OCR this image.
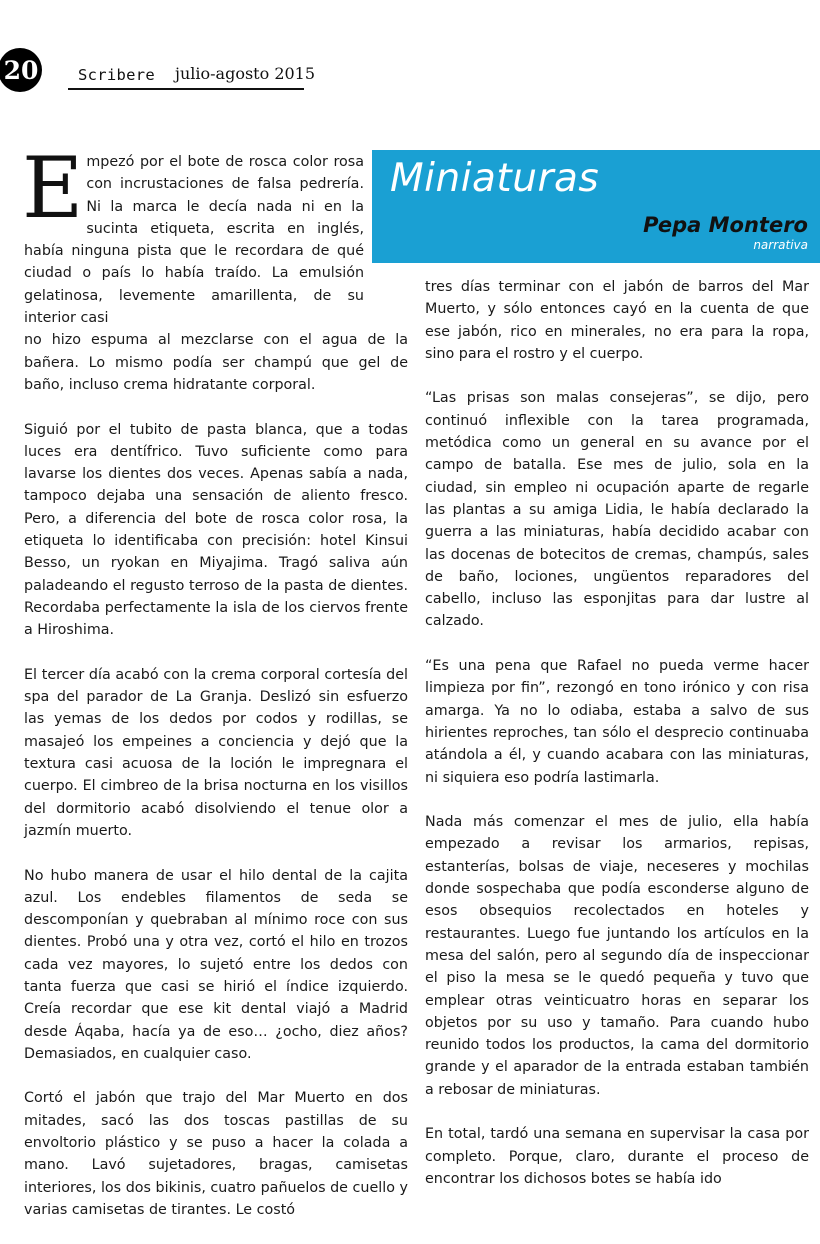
20	Scribere julio-agosto 2015
Miniaturas
Pepa Montero
narrativa
Empezó por el bote de rosca color rosa con incrustaciones de falsa pedrería. Ni la marca le decía nada ni en la sucinta etiqueta, escrita en inglés, había ninguna pista que le recordara de qué ciudad o país lo había traído. La emulsión gelatinosa, levemente amarillenta, de su interior casi
no hizo espuma al mezclarse con el agua de la bañera. Lo mismo podía ser champú que gel de baño, incluso crema hidratante corporal.

Siguió por el tubito de pasta blanca, que a todas luces era dentífrico. Tuvo suficiente como para lavarse los dientes dos veces. Apenas sabía a nada, tampoco dejaba una sensación de aliento fresco. Pero, a diferencia del bote de rosca color rosa, la etiqueta lo identificaba con precisión: hotel Kinsui Besso, un ryokan en Miyajima. Tragó saliva aún paladeando el regusto terroso de la pasta de dientes. Recordaba perfectamente la isla de los ciervos frente a Hiroshima.

El tercer día acabó con la crema corporal cortesía del spa del parador de La Granja. Deslizó sin esfuerzo las yemas de los dedos por codos y rodillas, se masajeó los empeines a conciencia y dejó que la textura casi acuosa de la loción le impregnara el cuerpo. El cimbreo de la brisa nocturna en los visillos del dormitorio acabó disolviendo el tenue olor a jazmín muerto.

No hubo manera de usar el hilo dental de la cajita azul. Los endebles filamentos de seda se descomponían y quebraban al mínimo roce con sus dientes. Probó una y otra vez, cortó el hilo en trozos cada vez mayores, lo sujetó entre los dedos con tanta fuerza que casi se hirió el índice izquierdo. Creía recordar que ese kit dental viajó a Madrid desde Áqaba, hacía ya de eso… ¿ocho, diez años? Demasiados, en cualquier caso.

Cortó el jabón que trajo del Mar Muerto en dos mitades, sacó las dos toscas pastillas de su envoltorio plástico y se puso a hacer la colada a mano. Lavó sujetadores, bragas, camisetas interiores, los dos bikinis, cuatro pañuelos de cuello y varias camisetas de tirantes. Le costó

tres días terminar con el jabón de barros del Mar Muerto, y sólo entonces cayó en la cuenta de que ese jabón, rico en minerales, no era para la ropa, sino para el rostro y el cuerpo.

“Las prisas son malas consejeras”, se dijo, pero continuó inflexible con la tarea programada, metódica como un general en su avance por el campo de batalla. Ese mes de julio, sola en la ciudad, sin empleo ni ocupación aparte de regarle las plantas a su amiga Lidia, le había declarado la guerra a las miniaturas, había decidido acabar con las docenas de botecitos de cremas, champús, sales de baño, lociones, ungüentos reparadores del cabello, incluso las esponjitas para dar lustre al calzado.

“Es una pena que Rafael no pueda verme hacer limpieza por fin”, rezongó en tono irónico y con risa amarga. Ya no lo odiaba, estaba a salvo de sus hirientes reproches, tan sólo el desprecio continuaba atándola a él, y cuando acabara con las miniaturas, ni siquiera eso podría lastimarla.

Nada más comenzar el mes de julio, ella había empezado a revisar los armarios, repisas, estanterías, bolsas de viaje, neceseres y mochilas donde sospechaba que podía esconderse alguno de esos obsequios recolectados en hoteles y restaurantes. Luego fue juntando los artículos en la mesa del salón, pero al segundo día de inspeccionar el piso la mesa se le quedó pequeña y tuvo que emplear otras veinticuatro horas en separar los objetos por su uso y tamaño. Para cuando hubo reunido todos los productos, la cama del dormitorio grande y el aparador de la entrada estaban también a rebosar de miniaturas.

En total, tardó una semana en supervisar la casa por completo. Porque, claro, durante el proceso de encontrar los dichosos botes se había ido
